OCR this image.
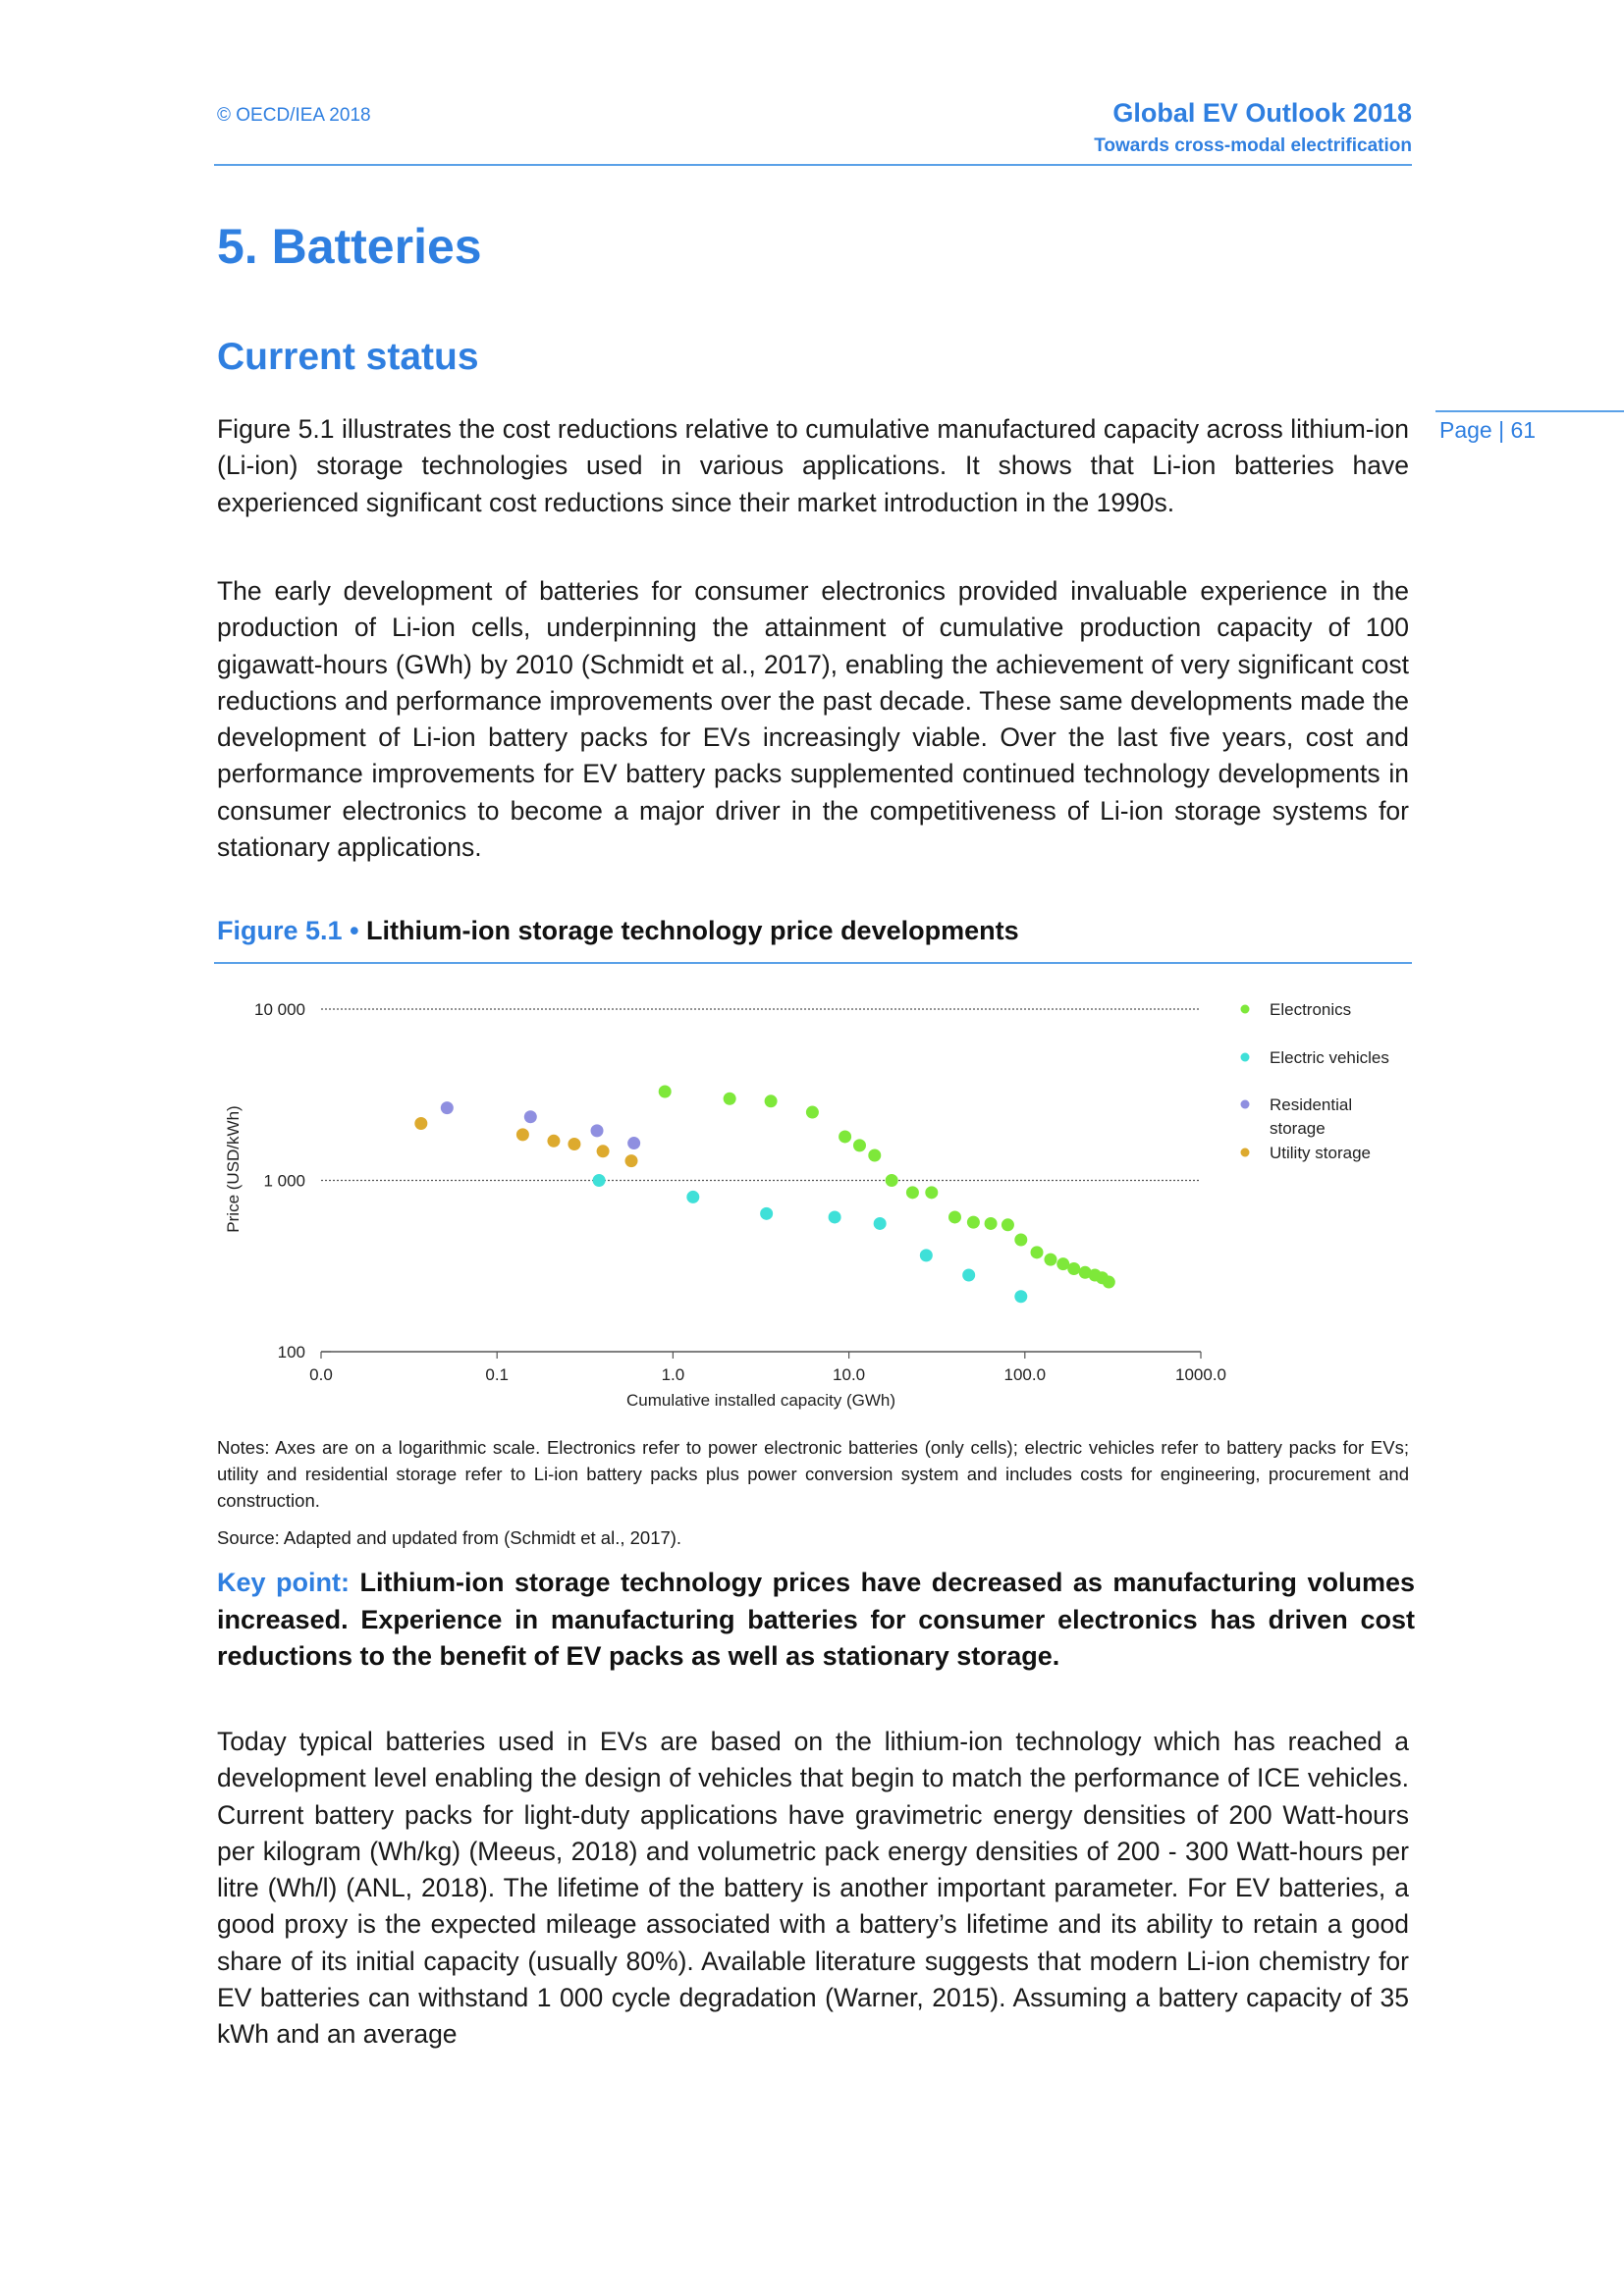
© OECD/IEA 2018	Global EV Outlook 2018
Towards cross-modal electrification
Page | 61
5. Batteries
Current status

Figure 5.1 illustrates the cost reductions relative to cumulative manufactured capacity across lithium-ion (Li-ion) storage technologies used in various applications. It shows that Li-ion batteries have experienced significant cost reductions since their market introduction in the 1990s.

The early development of batteries for consumer electronics provided invaluable experience in the production of Li-ion cells, underpinning the attainment of cumulative production capacity of 100 gigawatt-hours (GWh) by 2010 (Schmidt et al., 2017), enabling the achievement of very significant cost reductions and performance improvements over the past decade. These same developments made the development of Li-ion battery packs for EVs increasingly viable. Over the last five years, cost and performance improvements for EV battery packs supplemented continued technology developments in consumer electronics to become a major driver in the competitiveness of Li-ion storage systems for stationary applications.

Figure 5.1 • Lithium-ion storage technology price developments
Price (USD/kWh)
Cumulative installed capacity (GWh)
100
1 000
10 000
0.0	0.1	1.0	10.0	100.0	1000.0
Electronics
Electric vehicles
Residential storage
Utility storage

Notes: Axes are on a logarithmic scale. Electronics refer to power electronic batteries (only cells); electric vehicles refer to battery packs for EVs; utility and residential storage refer to Li-ion battery packs plus power conversion system and includes costs for engineering, procurement and construction.

Source: Adapted and updated from (Schmidt et al., 2017).

Key point: Lithium-ion storage technology prices have decreased as manufacturing volumes increased. Experience in manufacturing batteries for consumer electronics has driven cost reductions to the benefit of EV packs as well as stationary storage.

Today typical batteries used in EVs are based on the lithium-ion technology which has reached a development level enabling the design of vehicles that begin to match the performance of ICE vehicles. Current battery packs for light-duty applications have gravimetric energy densities of 200 Watt-hours per kilogram (Wh/kg) (Meeus, 2018) and volumetric pack energy densities of 200 - 300 Watt-hours per litre (Wh/l) (ANL, 2018). The lifetime of the battery is another important parameter. For EV batteries, a good proxy is the expected mileage associated with a battery’s lifetime and its ability to retain a good share of its initial capacity (usually 80%). Available literature suggests that modern Li-ion chemistry for EV batteries can withstand 1 000 cycle degradation (Warner, 2015). Assuming a battery capacity of 35 kWh and an average
